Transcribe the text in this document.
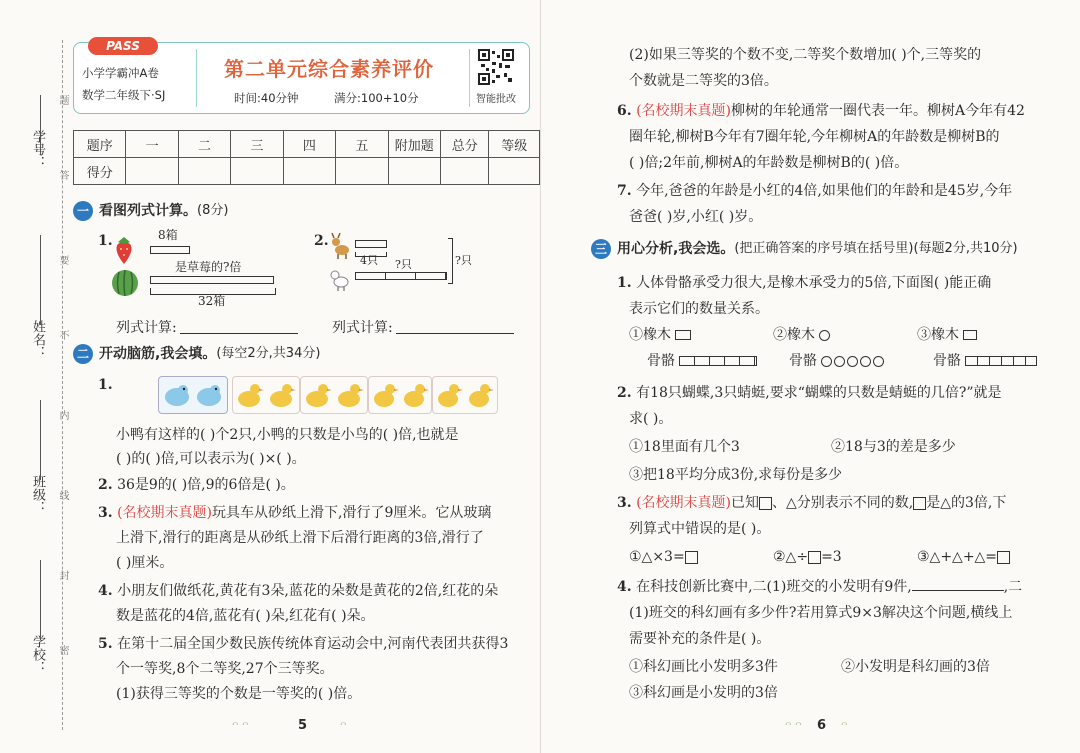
学号：
姓名：
班级：
学校：
题
答
要
不
内
线
封
密
PASS
小学学霸冲A卷
数学二年级下·SJ
第二单元综合素养评价
时间:40分钟	满分:100+10分	智能批改
题序	一	二	三	四	五	附加题	总分	等级
得分								
一 看图列式计算。(8分)
1.	8箱
是草莓的?倍
32箱
列式计算:
2.
4只 ?只	?只
列式计算:
二 开动脑筋,我会填。(每空2分,共34分)
1.
小鸭有这样的( )个2只,小鸭的只数是小鸟的( )倍,也就是
( )的( )倍,可以表示为( )×( )。
2. 36是9的( )倍,9的6倍是( )。
3. (名校期末真题)玩具车从砂纸上滑下,滑行了9厘米。它从玻璃
上滑下,滑行的距离是从砂纸上滑下后滑行距离的3倍,滑行了
( )厘米。
4. 小朋友们做纸花,黄花有3朵,蓝花的朵数是黄花的2倍,红花的朵
数是蓝花的4倍,蓝花有( )朵,红花有( )朵。
5. 在第十二届全国少数民族传统体育运动会中,河南代表团共获得3
个一等奖,8个二等奖,27个三等奖。
(1)获得三等奖的个数是一等奖的( )倍。
ᴖ ᴖ	5	ᴖ
(2)如果三等奖的个数不变,二等奖个数增加( )个,三等奖的
个数就是二等奖的3倍。
6. (名校期末真题)柳树的年轮通常一圈代表一年。柳树A今年有42
圈年轮,柳树B今年有7圈年轮,今年柳树A的年龄数是柳树B的
( )倍;2年前,柳树A的年龄数是柳树B的( )倍。
7. 今年,爸爸的年龄是小红的4倍,如果他们的年龄和是45岁,今年
爸爸( )岁,小红( )岁。
三 用心分析,我会选。(把正确答案的序号填在括号里)(每题2分,共10分)
1. 人体骨骼承受力很大,是橡木承受力的5倍,下面图( )能正确
表示它们的数量关系。
①橡木	②橡木	③橡木
骨骼	骨骼	骨骼
2. 有18只蝴蝶,3只蜻蜓,要求“蝴蝶的只数是蜻蜓的几倍?”就是
求( )。
①18里面有几个3	②18与3的差是多少
③把18平均分成3份,求每份是多少
3. (名校期末真题)已知 、△分别表示不同的数, 是△的3倍,下
列算式中错误的是( )。
①△×3=	②△÷ =3	③△+△+△=
4. 在科技创新比赛中,二(1)班交的小发明有9件,	,二
(1)班交的科幻画有多少件?若用算式9×3解决这个问题,横线上
需要补充的条件是( )。
①科幻画比小发明多3件	②小发明是科幻画的3倍
③科幻画是小发明的3倍
ᴖ ᴖ 6 ᴖ
